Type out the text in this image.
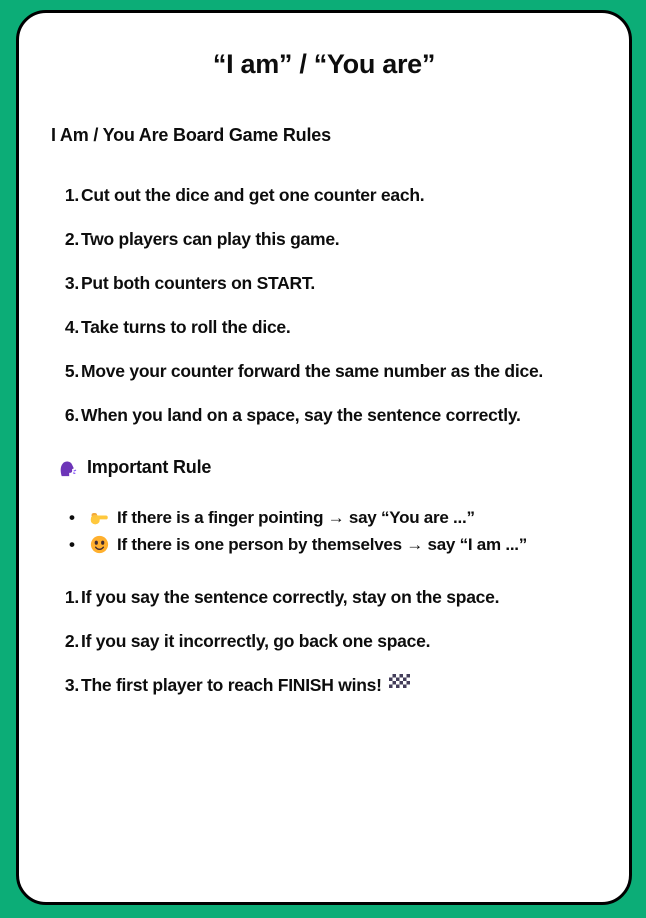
“I am” / “You are”
I Am / You Are Board Game Rules
1. Cut out the dice and get one counter each.
2. Two players can play this game.
3. Put both counters on START.
4. Take turns to roll the dice.
5. Move your counter forward the same number as the dice.
6. When you land on a space, say the sentence correctly.
Important Rule
•	If there is a finger pointing → say “You are ...”
•	If there is one person by themselves → say “I am ...”
1. If you say the sentence correctly, stay on the space.
2. If you say it incorrectly, go back one space.
3. The first player to reach FINISH wins!
